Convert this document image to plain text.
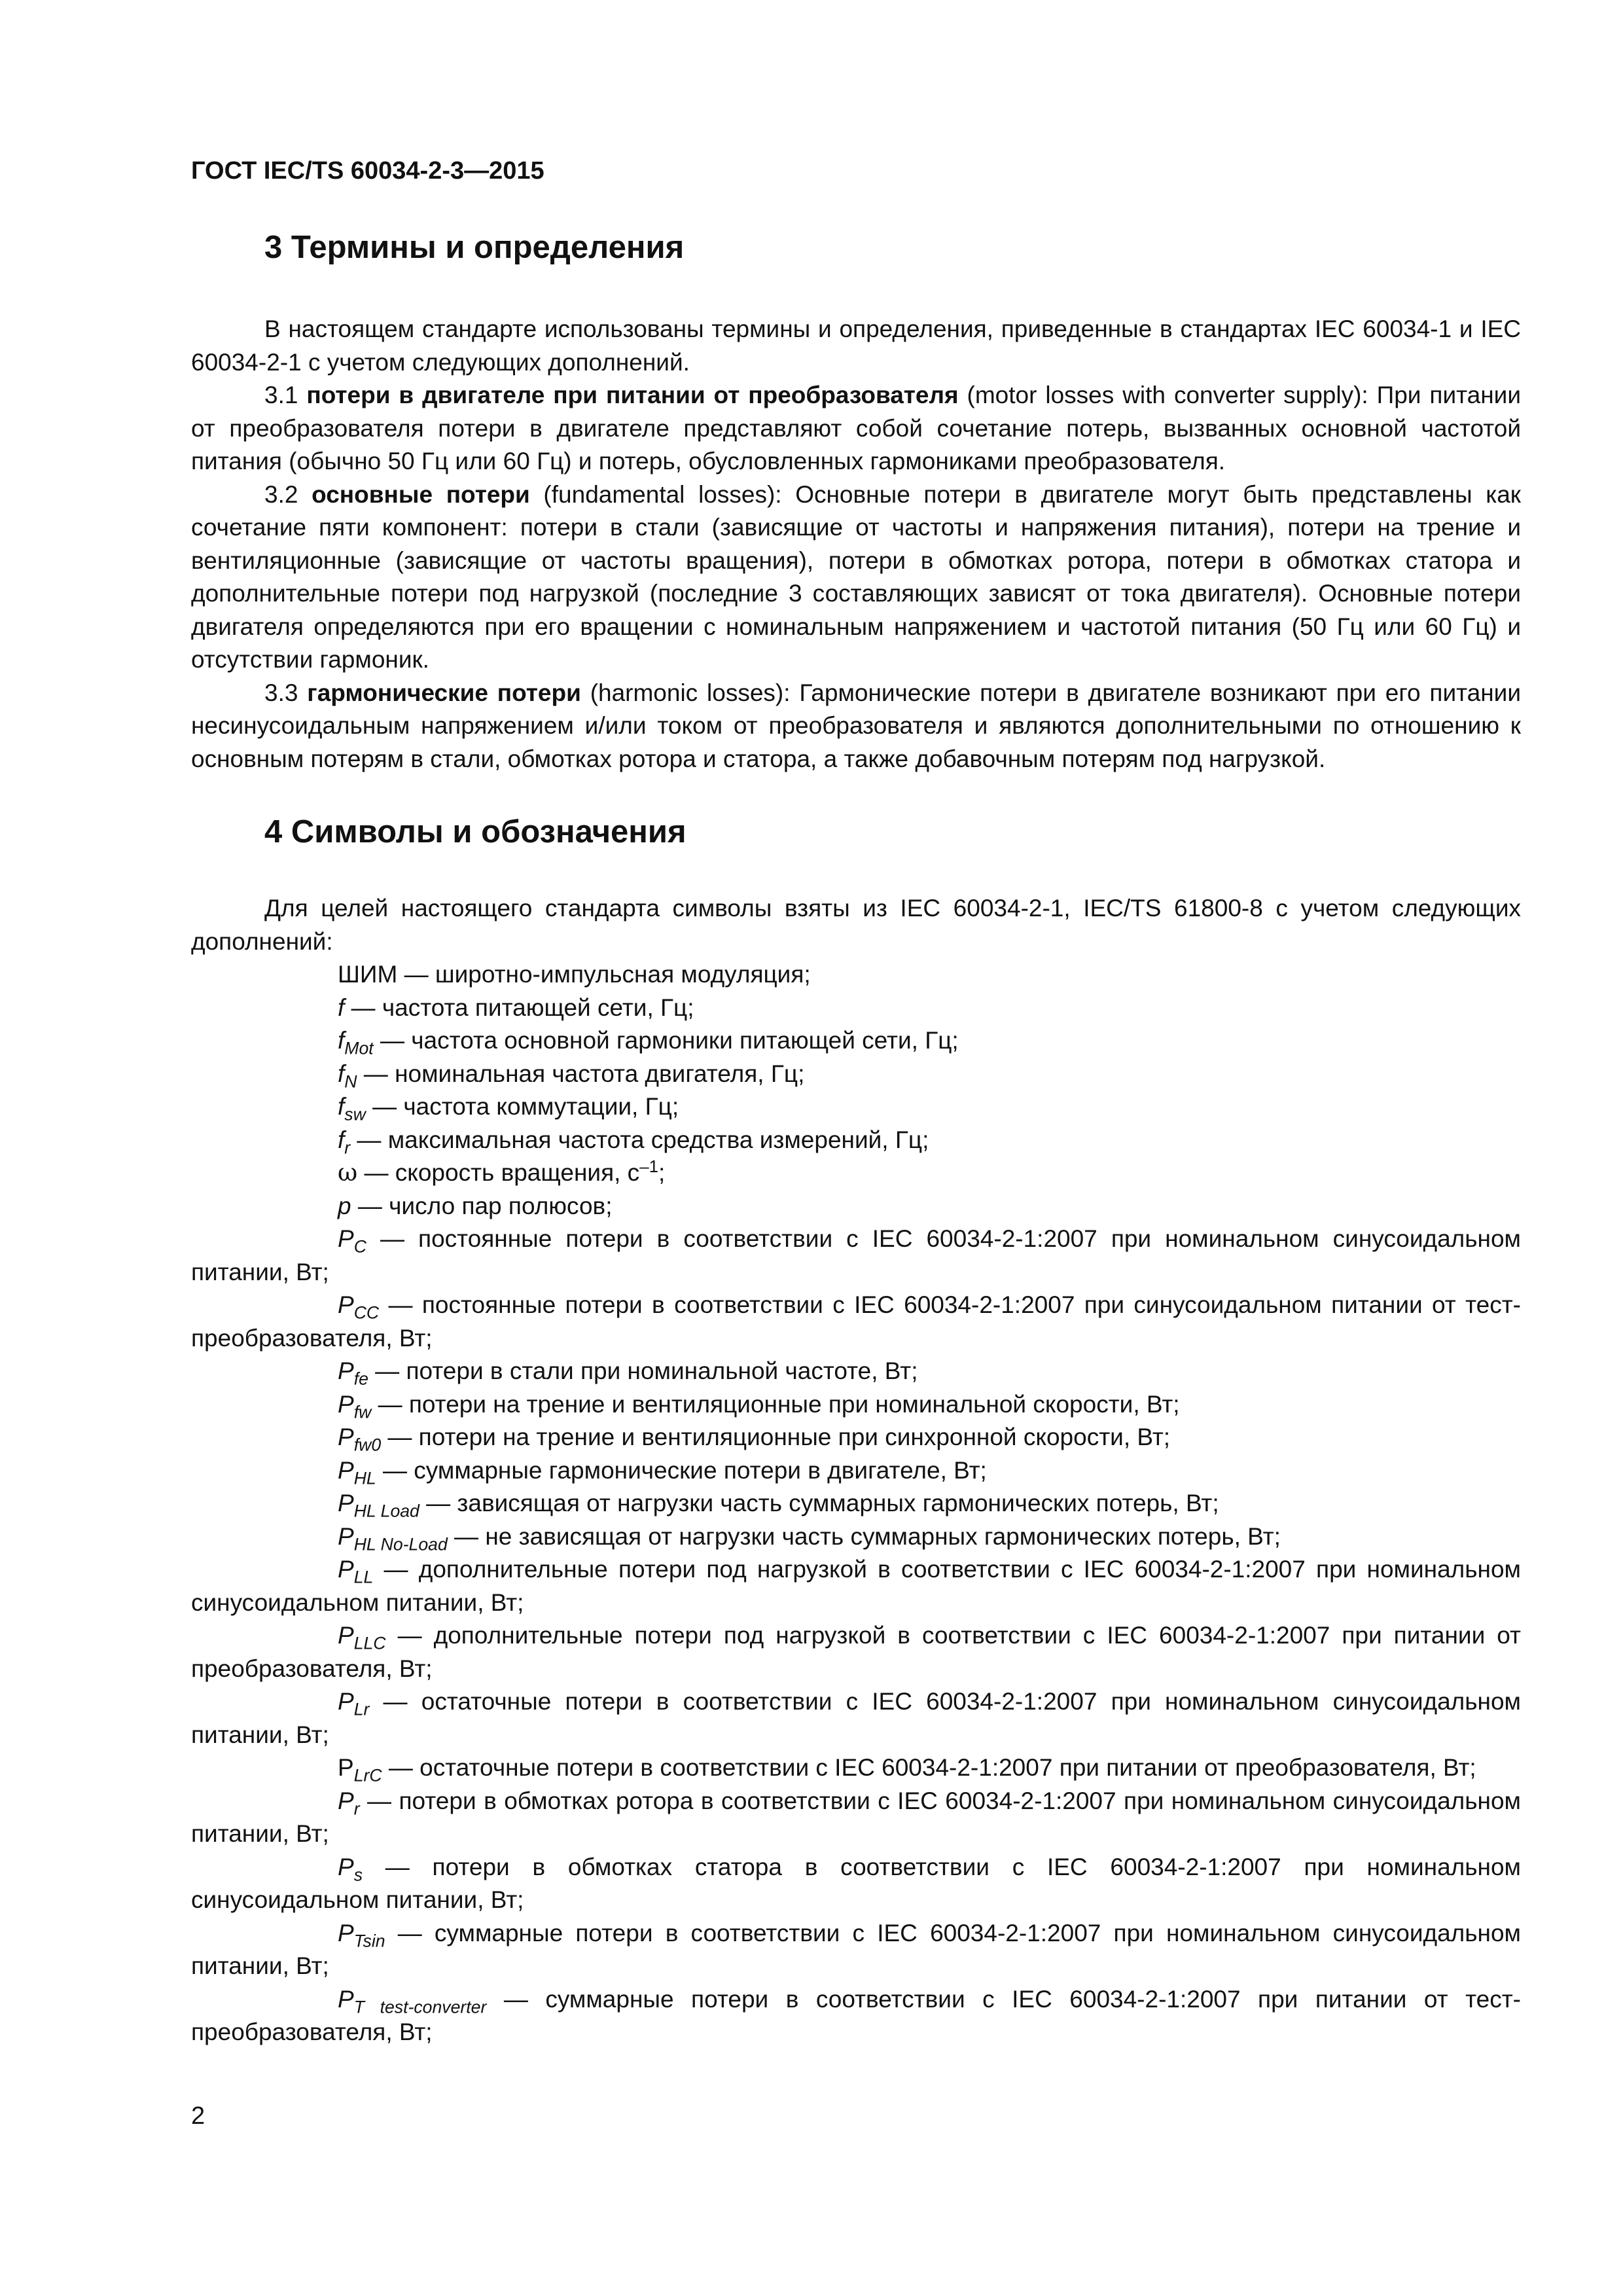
ГОСТ IEC/TS 60034-2-3—2015
3 Термины и определения

В настоящем стандарте использованы термины и определения, приведенные в стандартах IEC 60034-1 и IEC 60034-2-1 с учетом следующих дополнений.

3.1 потери в двигателе при питании от преобразователя (motor losses with converter supply): При питании от преобразователя потери в двигателе представляют собой сочетание потерь, вызванных основной частотой питания (обычно 50 Гц или 60 Гц) и потерь, обусловленных гармониками преобразователя.

3.2 основные потери (fundamental losses): Основные потери в двигателе могут быть представлены как сочетание пяти компонент: потери в стали (зависящие от частоты и напряжения питания), потери на трение и вентиляционные (зависящие от частоты вращения), потери в обмотках ротора, потери в обмотках статора и дополнительные потери под нагрузкой (последние 3 составляющих зависят от тока двигателя). Основные потери двигателя определяются при его вращении с номинальным напряжением и частотой питания (50 Гц или 60 Гц) и отсутствии гармоник.

3.3 гармонические потери (harmonic losses): Гармонические потери в двигателе возникают при его питании несинусоидальным напряжением и/или током от преобразователя и являются дополнительными по отношению к основным потерям в стали, обмотках ротора и статора, а также добавочным потерям под нагрузкой.

4 Символы и обозначения

Для целей настоящего стандарта символы взяты из IEC 60034-2-1, IEC/TS 61800-8 с учетом следующих дополнений:

ШИМ — широтно-импульсная модуляция;

f — частота питающей сети, Гц;

$f_{Mot}$ — частота основной гармоники питающей сети, Гц;

$f_N$ — номинальная частота двигателя, Гц;

$f_{sw}$ — частота коммутации, Гц;

$f_r$ — максимальная частота средства измерений, Гц;

ω — скорость вращения, $с^{-1}$;

p — число пар полюсов;

$P_C$ — постоянные потери в соответствии с IEC 60034-2-1:2007 при номинальном синусоидальном питании, Вт;

$P_{CC}$ — постоянные потери в соответствии с IEC 60034-2-1:2007 при синусоидальном питании от тест-преобразователя, Вт;

$P_{fe}$ — потери в стали при номинальной частоте, Вт;

$P_{fw}$ — потери на трение и вентиляционные при номинальной скорости, Вт;

$P_{fw0}$ — потери на трение и вентиляционные при синхронной скорости, Вт;

$P_{HL}$ — суммарные гармонические потери в двигателе, Вт;

$P_{HL Load}$ — зависящая от нагрузки часть суммарных гармонических потерь, Вт;

$P_{HL No-Load}$ — не зависящая от нагрузки часть суммарных гармонических потерь, Вт;

$P_{LL}$ — дополнительные потери под нагрузкой в соответствии с IEC 60034-2-1:2007 при номинальном синусоидальном питании, Вт;

$P_{LLC}$ — дополнительные потери под нагрузкой в соответствии с IEC 60034-2-1:2007 при питании от преобразователя, Вт;

$P_{Lr}$ — остаточные потери в соответствии с IEC 60034-2-1:2007 при номинальном синусоидальном питании, Вт;

$P_{LrC}$ — остаточные потери в соответствии с IEC 60034-2-1:2007 при питании от преобразователя, Вт;

$P_r$ — потери в обмотках ротора в соответствии с IEC 60034-2-1:2007 при номинальном синусоидальном питании, Вт;

$P_s$ — потери в обмотках статора в соответствии с IEC 60034-2-1:2007 при номинальном синусоидальном питании, Вт;

$P_{Tsin}$ — суммарные потери в соответствии с IEC 60034-2-1:2007 при номинальном синусоидальном питании, Вт;

$P_{T test-converter}$ — суммарные потери в соответствии с IEC 60034-2-1:2007 при питании от тест-преобразователя, Вт;

2
